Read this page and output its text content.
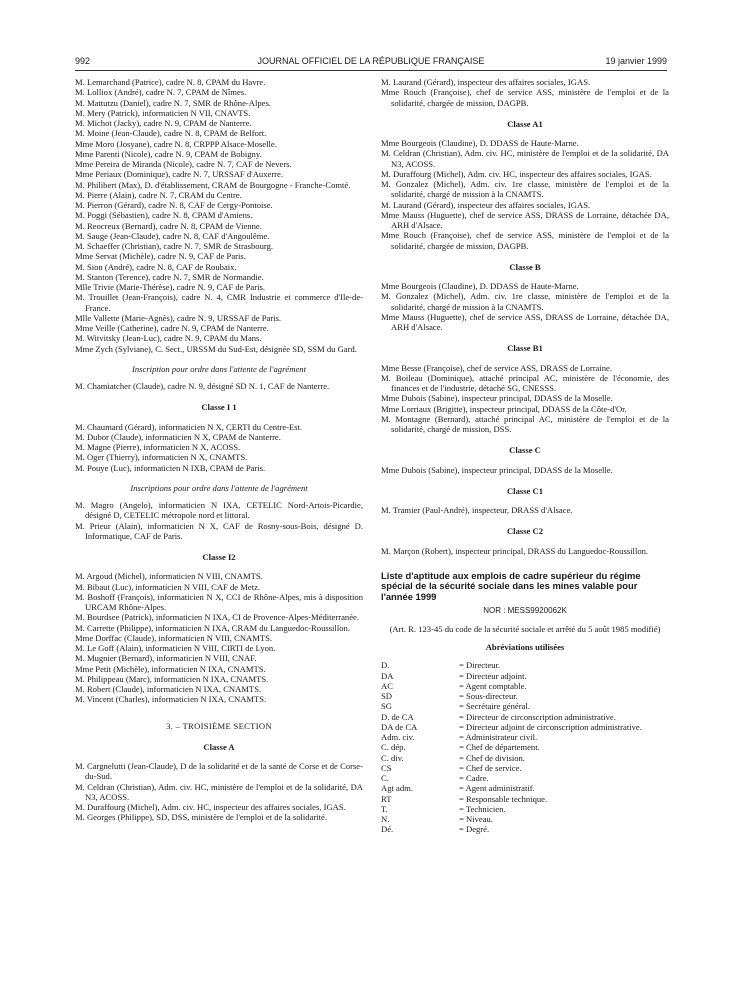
992	JOURNAL OFFICIEL DE LA RÉPUBLIQUE FRANÇAISE	19 janvier 1999
M. Lemarchand (Patrice), cadre N. 8, CPAM du Havre.
M. Lolliox (André), cadre N. 7, CPAM de Nîmes.
M. Mattutzu (Daniel), cadre N. 7, SMR de Rhône-Alpes.
M. Mery (Patrick), informaticien N VII, CNAVTS.
M. Michot (Jacky), cadre N. 9, CPAM de Nanterre.
M. Moine (Jean-Claude), cadre N. 8, CPAM de Belfort.
Mme Moro (Josyane), cadre N. 8, CRPPP Alsace-Moselle.
Mme Parenti (Nicole), cadre N. 9, CPAM de Bobigny.
Mme Pereira de Miranda (Nicole), cadre N. 7, CAF de Nevers.
Mme Periaux (Dominique), cadre N. 7, URSSAF d'Auxerre.
M. Philibert (Max), D. d'établissement, CRAM de Bourgogne - Franche-Comté.
M. Pierre (Alain), cadre N. 7, CRAM du Centre.
M. Pierron (Gérard), cadre N. 8, CAF de Cergy-Pontoise.
M. Poggi (Sébastien), cadre N. 8, CPAM d'Amiens.
M. Reocreux (Bernard), cadre N. 8, CPAM de Vienne.
M. Sauge (Jean-Claude), cadre N. 8, CAF d'Angoulême.
M. Schaeffer (Christian), cadre N. 7, SMR de Strasbourg.
Mme Servat (Michèle), cadre N. 9, CAF de Paris.
M. Sion (André), cadre N. 8, CAF de Roubaix.
M. Stanton (Terence), cadre N. 7, SMR de Normandie.
Mlle Trivie (Marie-Thérèse), cadre N. 9, CAF de Paris.
M. Trouillet (Jean-François), cadre N. 4, CMR Industrie et commerce d'Ile-de-France.
Mlle Vallette (Marie-Agnès), cadre N. 9, URSSAF de Paris.
Mme Veille (Catherine), cadre N. 9, CPAM de Nanterre.
M. Witvitsky (Jean-Luc), cadre N. 9, CPAM du Mans.
Mme Zych (Sylviane), C. Sect., URSSM du Sud-Est, désignée SD, SSM du Gard.
Inscription pour ordre dans l'attente de l'agrément
M. Chamiatcher (Claude), cadre N. 9, désigné SD N. 1, CAF de Nanterre.
Classe I 1
M. Chaumard (Gérard), informaticien N X, CERTI du Centre-Est.
M. Dubor (Claude), informaticien N X, CPAM de Nanterre.
M. Magne (Pierre), informaticien N X, ACOSS.
M. Oger (Thierry), informaticien N X, CNAMTS.
M. Pouye (Luc), informaticien N IXB, CPAM de Paris.
Inscriptions pour ordre dans l'attente de l'agrément
M. Magro (Angelo), informaticien N IXA, CETELIC Nord-Artois-Picardie, désigné D, CETELIC métropole nord et littoral.
M. Prieur (Alain), informaticien N X, CAF de Rosny-sous-Bois, désigné D. Informatique, CAF de Paris.
Classe I2
M. Argoud (Michel), informaticien N VIII, CNAMTS.
M. Bibaut (Luc), informaticien N VIII, CAF de Metz.
M. Boshoff (François), informaticien N X, CCI de Rhône-Alpes, mis à disposition URCAM Rhône-Alpes.
M. Bourdsee (Patrick), informaticien N IXA, CI de Provence-Alpes-Méditerranée.
M. Carrette (Philippe), informaticien N IXA, CRAM du Languedoc-Roussillon.
Mme Dorffac (Claude), informaticien N VIII, CNAMTS.
M. Le Goff (Alain), informaticien N VIII, CIRTI de Lyon.
M. Mugnier (Bernard), informaticien N VIII, CNAF.
Mme Petit (Michèle), informaticien N IXA, CNAMTS.
M. Philippeau (Marc), informaticien N IXA, CNAMTS.
M. Robert (Claude), informaticien N IXA, CNAMTS.
M. Vincent (Charles), informaticien N IXA, CNAMTS.
3. – TROISIÈME SECTION
Classe A
M. Cargnelutti (Jean-Claude), D de la solidarité et de la santé de Corse et de Corse-du-Sud.
M. Celdran (Christian), Adm. civ. HC, ministère de l'emploi et de la solidarité, DA N3, ACOSS.
M. Duraffourg (Michel), Adm. civ. HC, inspecteur des affaires sociales, IGAS.
M. Georges (Philippe), SD, DSS, ministère de l'emploi et de la solidarité.
M. Laurand (Gérard), inspecteur des affaires sociales, IGAS.
Mme Rouch (Françoise), chef de service ASS, ministère de l'emploi et de la solidarité, chargée de mission, DAGPB.
Classe A1
Mme Bourgeois (Claudine), D. DDASS de Haute-Marne.
M. Celdran (Christian), Adm. civ. HC, ministère de l'emploi et de la solidarité, DA N3, ACOSS.
M. Duraffourg (Michel), Adm. civ. HC, inspecteur des affaires sociales, IGAS.
M. Gonzalez (Michel), Adm. civ. 1re classe, ministère de l'emploi et de la solidarité, chargé de mission à la CNAMTS.
M. Laurand (Gérard), inspecteur des affaires sociales, IGAS.
Mme Mauss (Huguette), chef de service ASS, DRASS de Lorraine, détachée DA, ARH d'Alsace.
Mme Rouch (Françoise), chef de service ASS, ministère de l'emploi et de la solidarité, chargée de mission, DAGPB.
Classe B
Mme Bourgeois (Claudine), D. DDASS de Haute-Marne.
M. Gonzalez (Michel), Adm. civ. 1re classe, ministère de l'emploi et de la solidarité, chargé de mission à la CNAMTS.
Mme Mauss (Huguette), chef de service ASS, DRASS de Lorraine, détachée DA, ARH d'Alsace.
Classe B1
Mme Besse (Françoise), chef de service ASS, DRASS de Lorraine.
M. Boileau (Dominique), attaché principal AC, ministère de l'économie, des finances et de l'industrie, détaché SG, CNESSS.
Mme Dubois (Sabine), inspecteur principal, DDASS de la Moselle.
Mme Lorriaux (Brigitte), inspecteur principal, DDASS de la Côte-d'Or.
M. Montagne (Bernard), attaché principal AC, ministère de l'emploi et de la solidarité, chargé de mission, DSS.
Classe C
Mme Dubois (Sabine), inspecteur principal, DDASS de la Moselle.
Classe C1
M. Tramier (Paul-André), inspecteur, DRASS d'Alsace.
Classe C2
M. Marçon (Robert), inspecteur principal, DRASS du Languedoc-Roussillon.
Liste d'aptitude aux emplois de cadre supérieur du régime spécial de la sécurité sociale dans les mines valable pour l'année 1999
NOR : MESS9920062K
(Art. R. 123-45 du code de la sécurité sociale et arrêté du 5 août 1985 modifié)
Abréviations utilisées
D.	= Directeur.
DA	= Directeur adjoint.
AC	= Agent comptable.
SD	= Sous-directeur.
SG	= Secrétaire général.
D. de CA	= Directeur de circonscription administrative.
DA de CA	= Directeur adjoint de circonscription administrative.
Adm. civ.	= Administrateur civil.
C. dép.	= Chef de département.
C. div.	= Chef de division.
CS	= Chef de service.
C.	= Cadre.
Agt adm.	= Agent administratif.
RT	= Responsable technique.
T.	= Technicien.
N.	= Niveau.
Dé.	= Degré.
